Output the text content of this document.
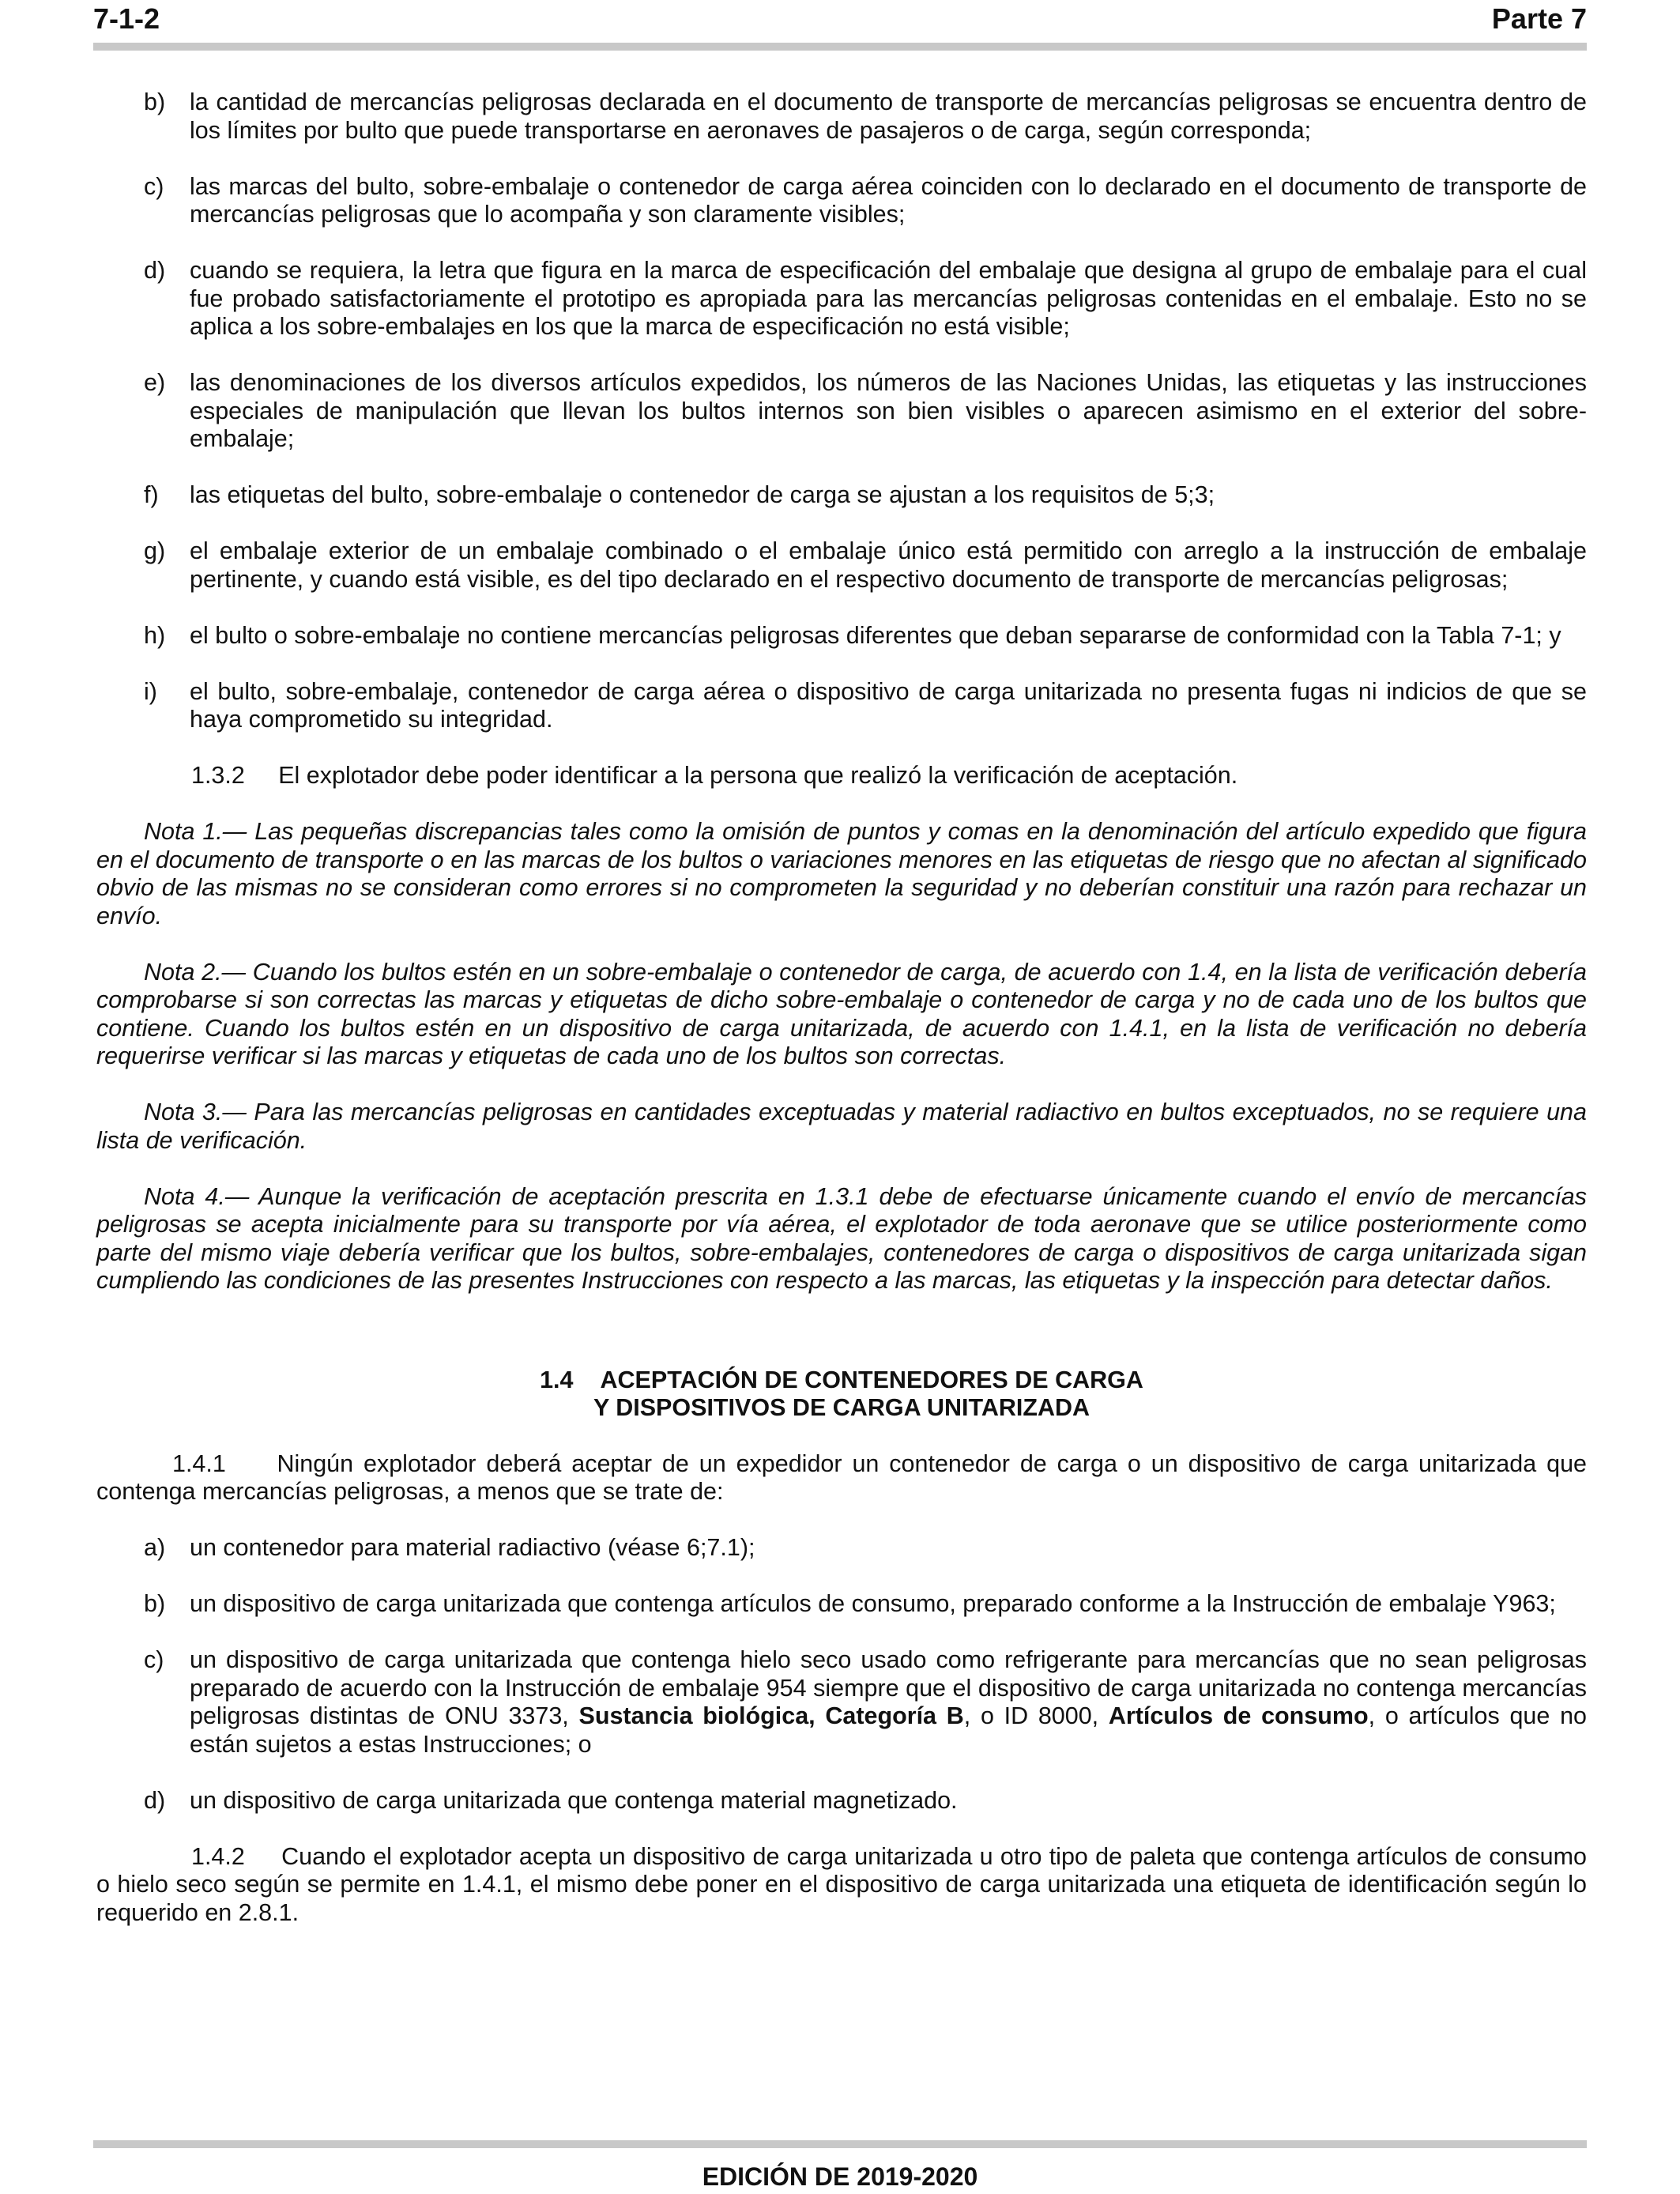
7-1-2	Parte 7
b)	la cantidad de mercancías peligrosas declarada en el documento de transporte de mercancías peligrosas se encuentra dentro de los límites por bulto que puede transportarse en aeronaves de pasajeros o de carga, según corresponda;
c)	las marcas del bulto, sobre-embalaje o contenedor de carga aérea coinciden con lo declarado en el documento de transporte de mercancías peligrosas que lo acompaña y son claramente visibles;
d)	cuando se requiera, la letra que figura en la marca de especificación del embalaje que designa al grupo de embalaje para el cual fue probado satisfactoriamente el prototipo es apropiada para las mercancías peligrosas contenidas en el embalaje. Esto no se aplica a los sobre-embalajes en los que la marca de especificación no está visible;
e)	las denominaciones de los diversos artículos expedidos, los números de las Naciones Unidas, las etiquetas y las instrucciones especiales de manipulación que llevan los bultos internos son bien visibles o aparecen asimismo en el exterior del sobre-embalaje;
f)	las etiquetas del bulto, sobre-embalaje o contenedor de carga se ajustan a los requisitos de 5;3;
g)	el embalaje exterior de un embalaje combinado o el embalaje único está permitido con arreglo a la instrucción de embalaje pertinente, y cuando está visible, es del tipo declarado en el respectivo documento de transporte de mercancías peligrosas;
h)	el bulto o sobre-embalaje no contiene mercancías peligrosas diferentes que deban separarse de conformidad con la Tabla 7-1; y
i)	el bulto, sobre-embalaje, contenedor de carga aérea o dispositivo de carga unitarizada no presenta fugas ni indicios de que se haya comprometido su integridad.

1.3.2 El explotador debe poder identificar a la persona que realizó la verificación de aceptación.

Nota 1.— Las pequeñas discrepancias tales como la omisión de puntos y comas en la denominación del artículo expedido que figura en el documento de transporte o en las marcas de los bultos o variaciones menores en las etiquetas de riesgo que no afectan al significado obvio de las mismas no se consideran como errores si no comprometen la seguridad y no deberían constituir una razón para rechazar un envío.

Nota 2.— Cuando los bultos estén en un sobre-embalaje o contenedor de carga, de acuerdo con 1.4, en la lista de verificación debería comprobarse si son correctas las marcas y etiquetas de dicho sobre-embalaje o contenedor de carga y no de cada uno de los bultos que contiene. Cuando los bultos estén en un dispositivo de carga unitarizada, de acuerdo con 1.4.1, en la lista de verificación no debería requerirse verificar si las marcas y etiquetas de cada uno de los bultos son correctas.

Nota 3.— Para las mercancías peligrosas en cantidades exceptuadas y material radiactivo en bultos exceptuados, no se requiere una lista de verificación.

Nota 4.— Aunque la verificación de aceptación prescrita en 1.3.1 debe de efectuarse únicamente cuando el envío de mercancías peligrosas se acepta inicialmente para su transporte por vía aérea, el explotador de toda aeronave que se utilice posteriormente como parte del mismo viaje debería verificar que los bultos, sobre-embalajes, contenedores de carga o dispositivos de carga unitarizada sigan cumpliendo las condiciones de las presentes Instrucciones con respecto a las marcas, las etiquetas y la inspección para detectar daños.

1.4 ACEPTACIÓN DE CONTENEDORES DE CARGA
Y DISPOSITIVOS DE CARGA UNITARIZADA

1.4.1 Ningún explotador deberá aceptar de un expedidor un contenedor de carga o un dispositivo de carga unitarizada que contenga mercancías peligrosas, a menos que se trate de:

a)	un contenedor para material radiactivo (véase 6;7.1);
b)	un dispositivo de carga unitarizada que contenga artículos de consumo, preparado conforme a la Instrucción de embalaje Y963;
c)	un dispositivo de carga unitarizada que contenga hielo seco usado como refrigerante para mercancías que no sean peligrosas preparado de acuerdo con la Instrucción de embalaje 954 siempre que el dispositivo de carga unitarizada no contenga mercancías peligrosas distintas de ONU 3373, Sustancia biológica, Categoría B, o ID 8000, Artículos de consumo, o artículos que no están sujetos a estas Instrucciones; o
d)	un dispositivo de carga unitarizada que contenga material magnetizado.

1.4.2 Cuando el explotador acepta un dispositivo de carga unitarizada u otro tipo de paleta que contenga artículos de consumo o hielo seco según se permite en 1.4.1, el mismo debe poner en el dispositivo de carga unitarizada una etiqueta de identificación según lo requerido en 2.8.1.

EDICIÓN DE 2019-2020
